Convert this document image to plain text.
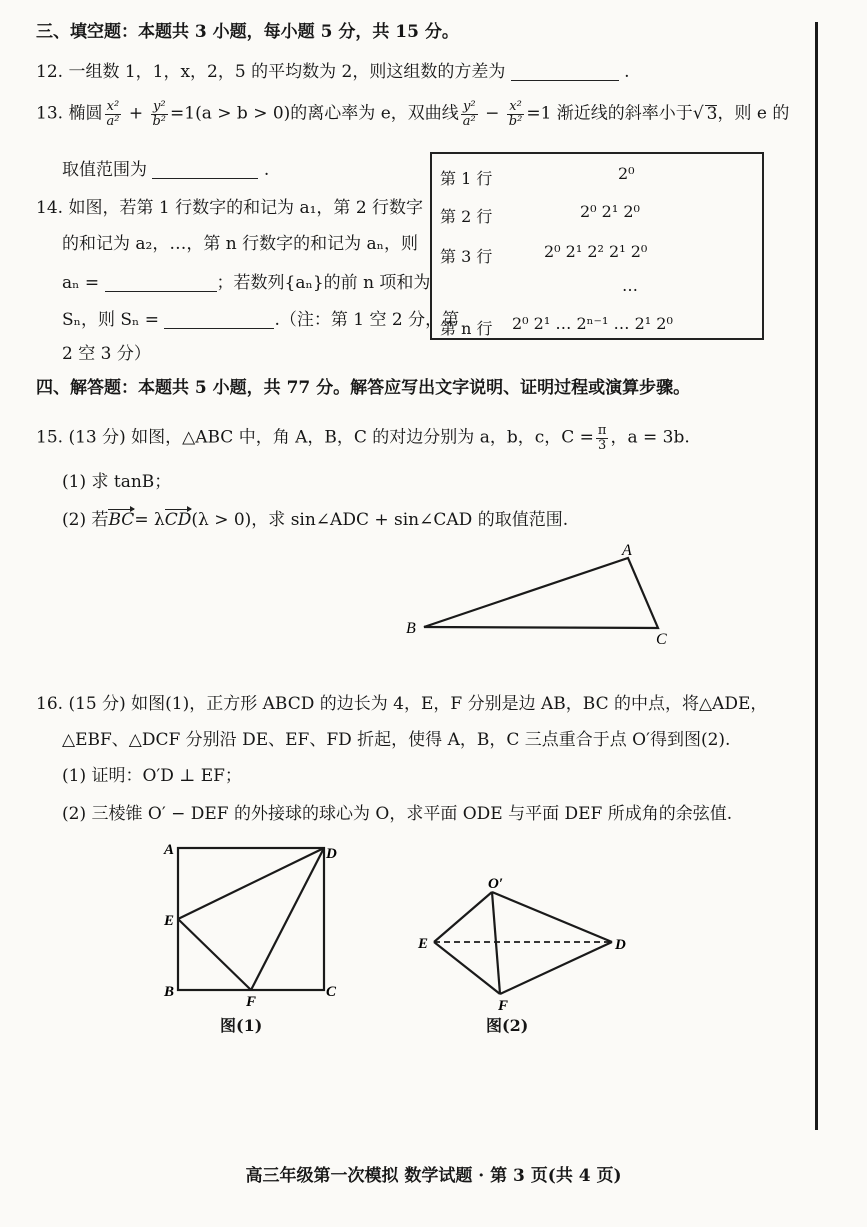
三、填空题：本题共 3 小题，每小题 5 分，共 15 分。
12. 一组数 1，1，x，2，5 的平均数为 2，则这组数的方差为	.
13. 椭圆 $\frac{\text{x²}}{\text{a²}} + \frac{\text{y²}}{\text{b²}} =1(a > b > 0)$的离心率为 e，双曲线 $\frac{\text{y²}}{\text{a²}} - \frac{\text{x²}}{\text{b²}} =1$ 渐近线的斜率小于√ 3，则 e 的
取值范围为	.
14. 如图，若第 1 行数字的和记为 a₁，第 2 行数字
的和记为 a₂，…，第 n 行数字的和记为 aₙ，则
aₙ =	；若数列{aₙ}的前 n 项和为
Sₙ，则 Sₙ =	.（注：第 1 空 2 分，第
2 空 3 分）
第 1 行	2⁰
第 2 行	2⁰ 2¹ 2⁰
第 3 行	2⁰ 2¹ 2² 2¹ 2⁰
…
第 n 行 2⁰ 2¹ … 2ⁿ⁻¹ … 2¹ 2⁰
四、解答题：本题共 5 小题，共 77 分。解答应写出文字说明、证明过程或演算步骤。
15. (13 分) 如图，△ABC 中，角 A，B，C 的对边分别为 a，b，c，$C = \frac{\pi}{3}$ ，a = 3b.
(1) 求 tanB；
(2) 若BC= λCD(λ > 0)，求 sin∠ADC + sin∠CAD 的取值范围.
A
B
C
16. (15 分) 如图(1)，正方形 ABCD 的边长为 4，E，F 分别是边 AB，BC 的中点，将△ADE，
△EBF、△DCF 分别沿 DE、EF、FD 折起，使得 A，B，C 三点重合于点 O′得到图(2).
(1) 证明：O′D ⊥ EF；
(2) 三棱锥 O′ − DEF 的外接球的球心为 O，求平面 ODE 与平面 DEF 所成角的余弦值.
A	D
E
B
F
C
图(1)
O′
E	D
F
图(2)
高三年级第一次模拟 数学试题 · 第 3 页(共 4 页)
